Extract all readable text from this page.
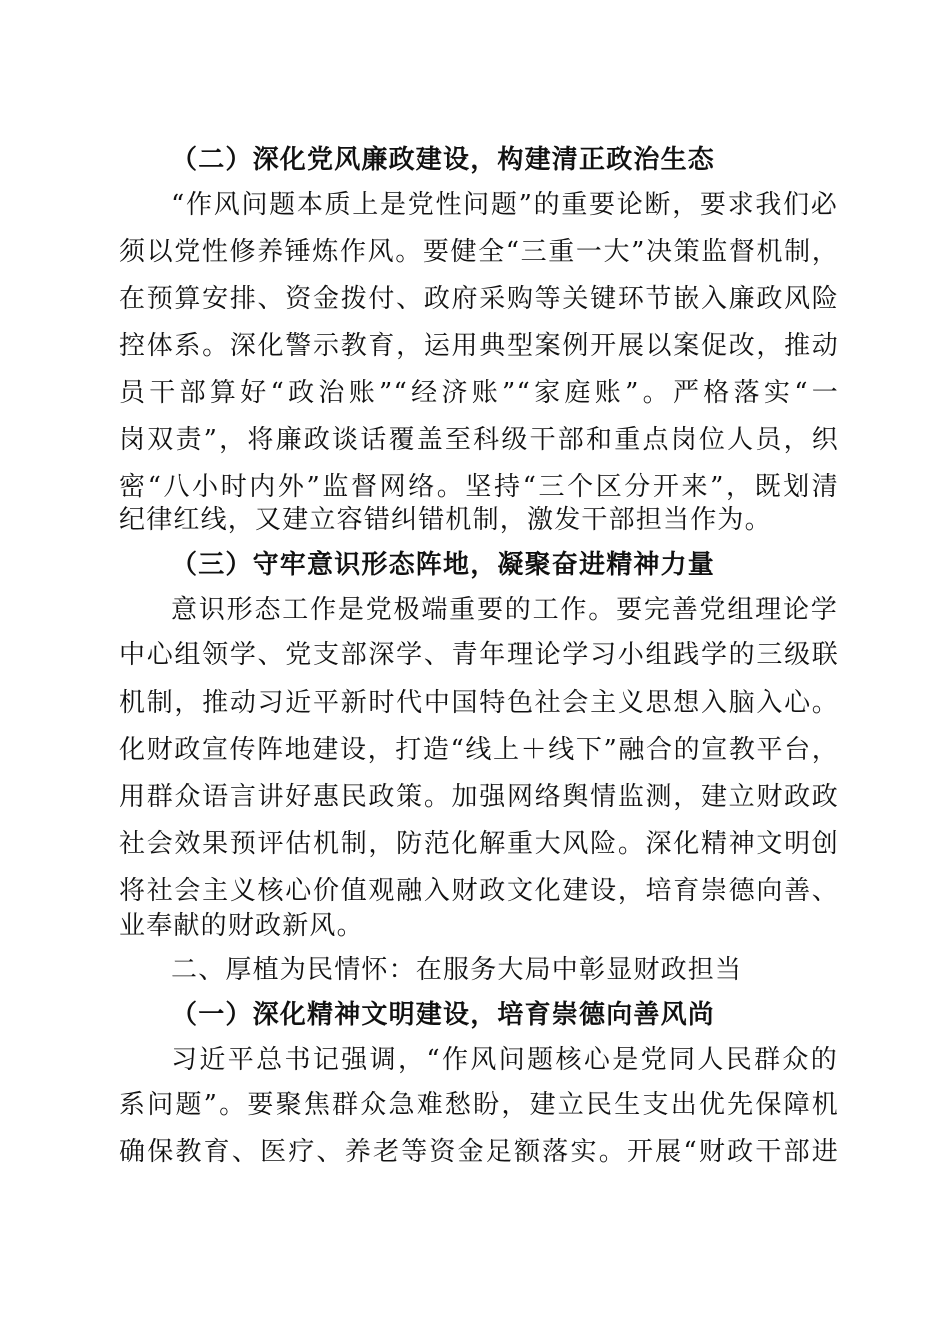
（二）深化党风廉政建设，构建清正政治生态
“作风问题本质上是党性问题”的重要论断，要求我们必
须以党性修养锤炼作风。要健全“三重一大”决策监督机制，
在预算安排、资金拨付、政府采购等关键环节嵌入廉政风险
控体系。深化警示教育，运用典型案例开展以案促改，推动
员干部算好“政治账”“经济账”“家庭账”。严格落实“一
岗双责”，将廉政谈话覆盖至科级干部和重点岗位人员，织
密“八小时内外”监督网络。坚持“三个区分开来”，既划清
纪律红线，又建立容错纠错机制，激发干部担当作为。
（三）守牢意识形态阵地，凝聚奋进精神力量
意识形态工作是党极端重要的工作。要完善党组理论学
中心组领学、党支部深学、青年理论学习小组践学的三级联
机制，推动习近平新时代中国特色社会主义思想入脑入心。
化财政宣传阵地建设，打造“线上＋线下”融合的宣教平台，
用群众语言讲好惠民政策。加强网络舆情监测，建立财政政
社会效果预评估机制，防范化解重大风险。深化精神文明创
将社会主义核心价值观融入财政文化建设，培育崇德向善、
业奉献的财政新风。
二、厚植为民情怀：在服务大局中彰显财政担当
（一）深化精神文明建设，培育崇德向善风尚
习近平总书记强调，“作风问题核心是党同人民群众的
系问题”。要聚焦群众急难愁盼，建立民生支出优先保障机
确保教育、医疗、养老等资金足额落实。开展“财政干部进
